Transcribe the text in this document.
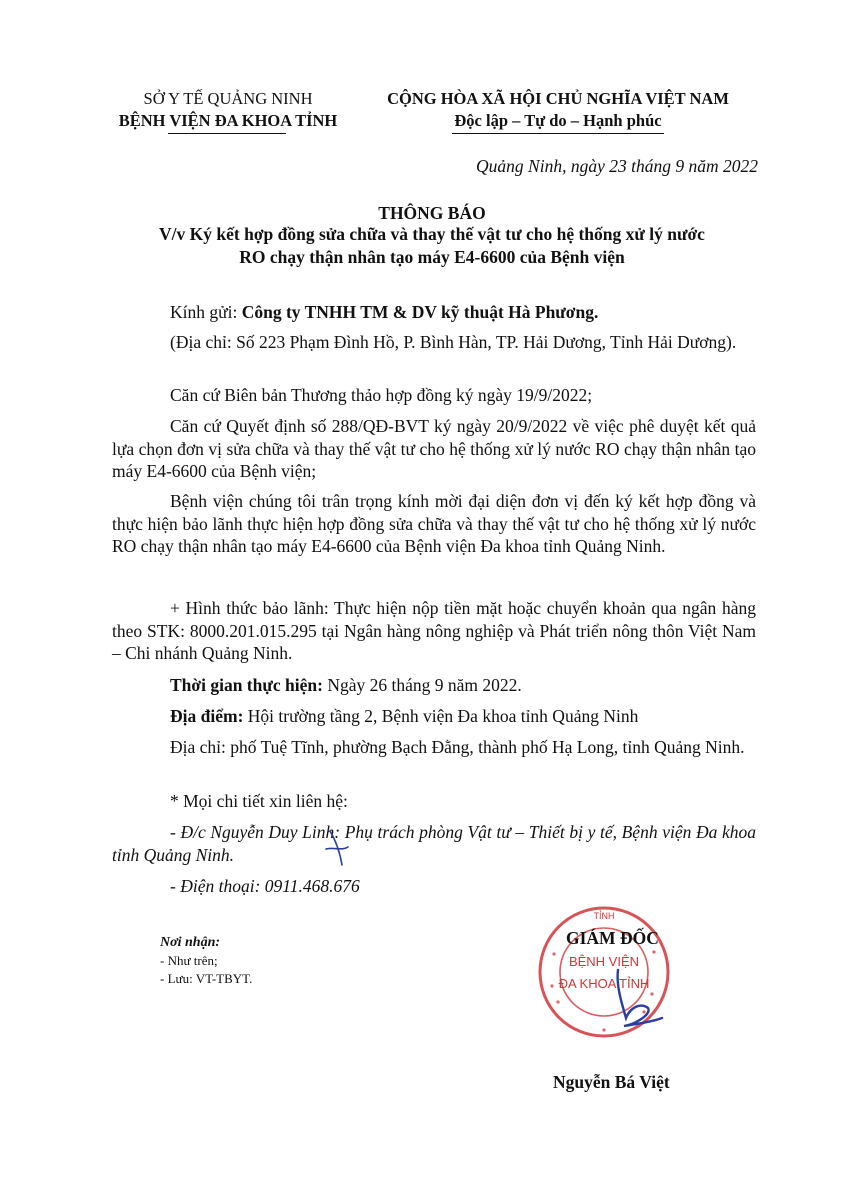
SỞ Y TẾ QUẢNG NINH
BỆNH VIỆN ĐA KHOA TỈNH
CỘNG HÒA XÃ HỘI CHỦ NGHĨA VIỆT NAM
Độc lập – Tự do – Hạnh phúc
Quảng Ninh, ngày 23 tháng 9 năm 2022
THÔNG BÁO
V/v Ký kết hợp đồng sửa chữa và thay thế vật tư cho hệ thống xử lý nước
RO chạy thận nhân tạo máy E4-6600 của Bệnh viện
Kính gửi: Công ty TNHH TM & DV kỹ thuật Hà Phương.
(Địa chỉ: Số 223 Phạm Đình Hồ, P. Bình Hàn, TP. Hải Dương, Tỉnh Hải Dương).
Căn cứ Biên bản Thương thảo hợp đồng ký ngày 19/9/2022;
Căn cứ Quyết định số 288/QĐ-BVT ký ngày 20/9/2022 về việc phê duyệt kết quả lựa chọn đơn vị sửa chữa và thay thế vật tư cho hệ thống xử lý nước RO chạy thận nhân tạo máy E4-6600 của Bệnh viện;
Bệnh viện chúng tôi trân trọng kính mời đại diện đơn vị đến ký kết hợp đồng và thực hiện bảo lãnh thực hiện hợp đồng sửa chữa và thay thế vật tư cho hệ thống xử lý nước RO chạy thận nhân tạo máy E4-6600 của Bệnh viện Đa khoa tỉnh Quảng Ninh.
+ Hình thức bảo lãnh: Thực hiện nộp tiền mặt hoặc chuyển khoản qua ngân hàng theo STK: 8000.201.015.295 tại Ngân hàng nông nghiệp và Phát triển nông thôn Việt Nam – Chi nhánh Quảng Ninh.
Thời gian thực hiện: Ngày 26 tháng 9 năm 2022.
Địa điểm: Hội trường tầng 2, Bệnh viện Đa khoa tỉnh Quảng Ninh
Địa chỉ: phố Tuệ Tĩnh, phường Bạch Đằng, thành phố Hạ Long, tỉnh Quảng Ninh.
* Mọi chi tiết xin liên hệ:
- Đ/c Nguyễn Duy Linh: Phụ trách phòng Vật tư – Thiết bị y tế, Bệnh viện Đa khoa tỉnh Quảng Ninh.
- Điện thoại: 0911.468.676
Nơi nhận:
- Như trên;
- Lưu: VT-TBYT.
TỈNH
BỆNH VIỆN
ĐA KHOA TỈNH
GIÁM ĐỐC
Nguyễn Bá Việt
